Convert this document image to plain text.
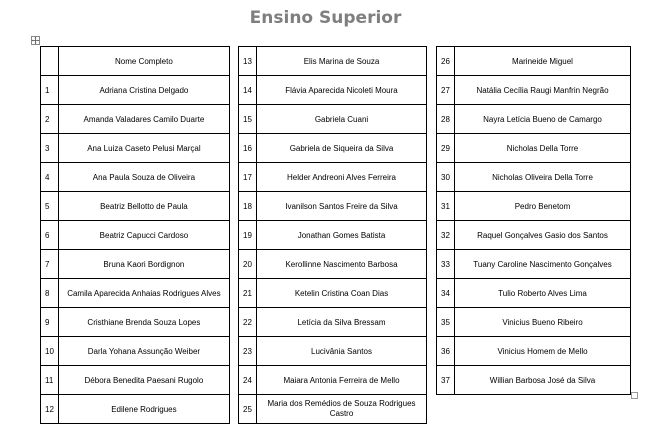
Ensino Superior
	Nome Completo
1	Adriana Cristina Delgado
2	Amanda Valadares Camilo Duarte
3	Ana Luiza Caseto Pelusi Marçal
4	Ana Paula Souza de Oliveira
5	Beatriz Bellotto de Paula
6	Beatriz Capucci Cardoso
7	Bruna Kaori Bordignon
8	Camila Aparecida Anhaias Rodrigues Alves
9	Cristhiane Brenda Souza Lopes
10	Darla Yohana Assunção Weiber
11	Débora Benedita Paesani Rugolo
12	Edilene Rodrigues
13	Elis Marina de Souza
14	Flávia Aparecida Nicoleti Moura
15	Gabriela Cuani
16	Gabriela de Siqueira da Silva
17	Helder Andreoni Alves Ferreira
18	Ivanilson Santos Freire da Silva
19	Jonathan Gomes Batista
20	Kerollinne Nascimento Barbosa
21	Ketelin Cristina Coan Dias
22	Letícia da Silva Bressam
23	Lucivânia Santos
24	Maiara Antonia Ferreira de Mello
25	Maria dos Remédios de Souza Rodrigues Castro
26	Marineide Miguel
27	Natália Cecília Raugi Manfrin Negrão
28	Nayra Letícia Bueno de Camargo
29	Nicholas Della Torre
30	Nicholas Oliveira Della Torre
31	Pedro Benetom
32	Raquel Gonçalves Gasio dos Santos
33	Tuany Caroline Nascimento Gonçalves
34	Tulio Roberto Alves Lima
35	Vinicius Bueno Ribeiro
36	Vinicius Homem de Mello
37	Willian Barbosa José da Silva
